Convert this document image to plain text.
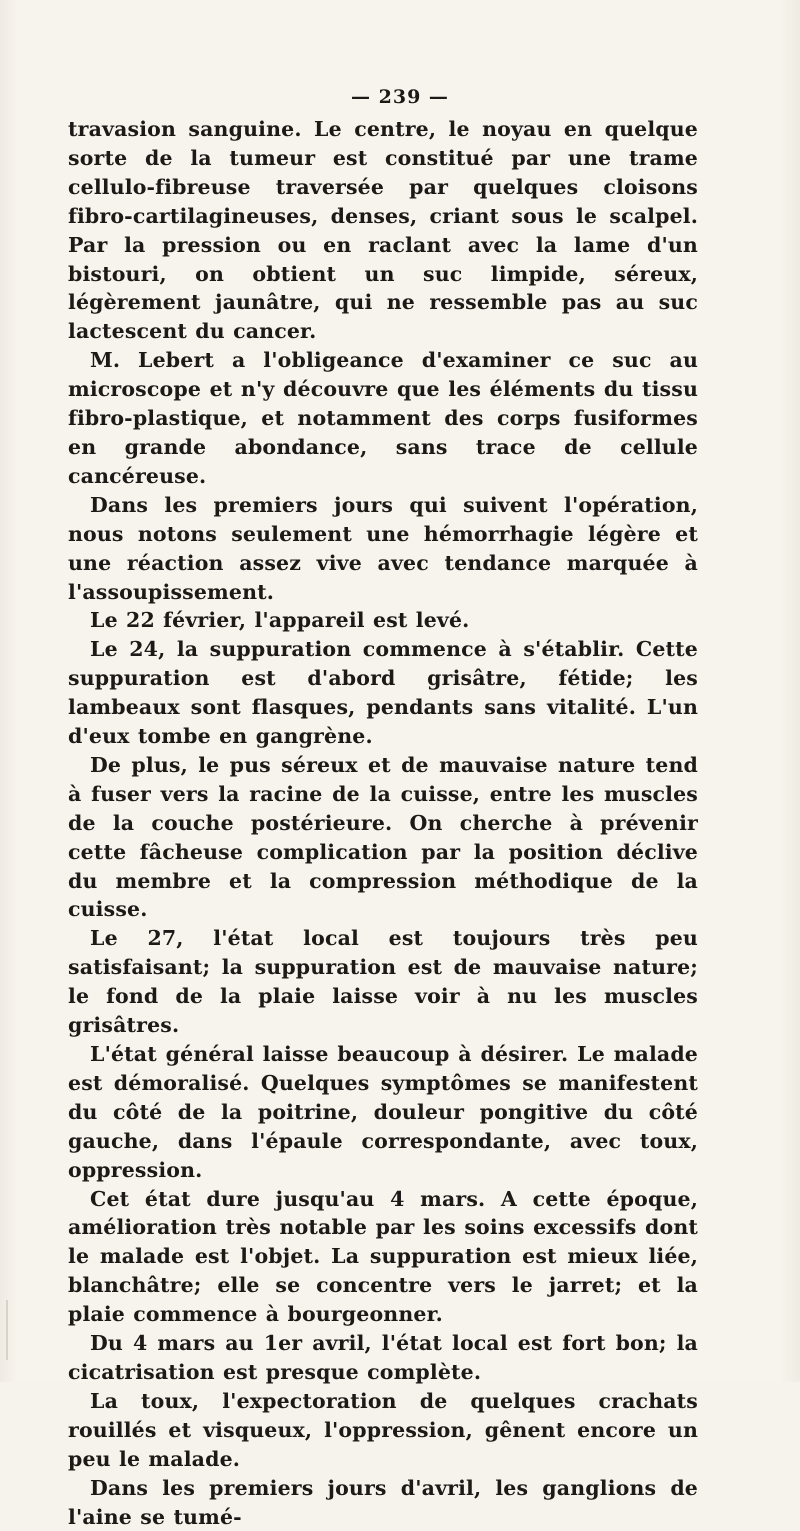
— 239 —

travasion sanguine. Le centre, le noyau en quelque sorte de la tumeur est constitué par une trame cellulo-fibreuse traversée par quelques cloisons fibro-cartilagineuses, denses, criant sous le scalpel. Par la pression ou en raclant avec la lame d'un bistouri, on obtient un suc limpide, séreux, légèrement jaunâtre, qui ne ressemble pas au suc lactescent du cancer.

M. Lebert a l'obligeance d'examiner ce suc au microscope et n'y découvre que les éléments du tissu fibro-plastique, et notamment des corps fusiformes en grande abondance, sans trace de cellule cancéreuse.

Dans les premiers jours qui suivent l'opération, nous notons seulement une hémorrhagie légère et une réaction assez vive avec tendance marquée à l'assoupissement.

Le 22 février, l'appareil est levé.

Le 24, la suppuration commence à s'établir. Cette suppuration est d'abord grisâtre, fétide; les lambeaux sont flasques, pendants sans vitalité. L'un d'eux tombe en gangrène.

De plus, le pus séreux et de mauvaise nature tend à fuser vers la racine de la cuisse, entre les muscles de la couche postérieure. On cherche à prévenir cette fâcheuse complication par la position déclive du membre et la compression méthodique de la cuisse.

Le 27, l'état local est toujours très peu satisfaisant; la suppuration est de mauvaise nature; le fond de la plaie laisse voir à nu les muscles grisâtres.

L'état général laisse beaucoup à désirer. Le malade est démoralisé. Quelques symptômes se manifestent du côté de la poitrine, douleur pongitive du côté gauche, dans l'épaule correspondante, avec toux, oppression.

Cet état dure jusqu'au 4 mars. A cette époque, amélioration très notable par les soins excessifs dont le malade est l'objet. La suppuration est mieux liée, blanchâtre; elle se concentre vers le jarret; et la plaie commence à bourgeonner.

Du 4 mars au 1er avril, l'état local est fort bon; la cicatrisation est presque complète.

La toux, l'expectoration de quelques crachats rouillés et visqueux, l'oppression, gênent encore un peu le malade.

Dans les premiers jours d'avril, les ganglions de l'aine se tumé-
